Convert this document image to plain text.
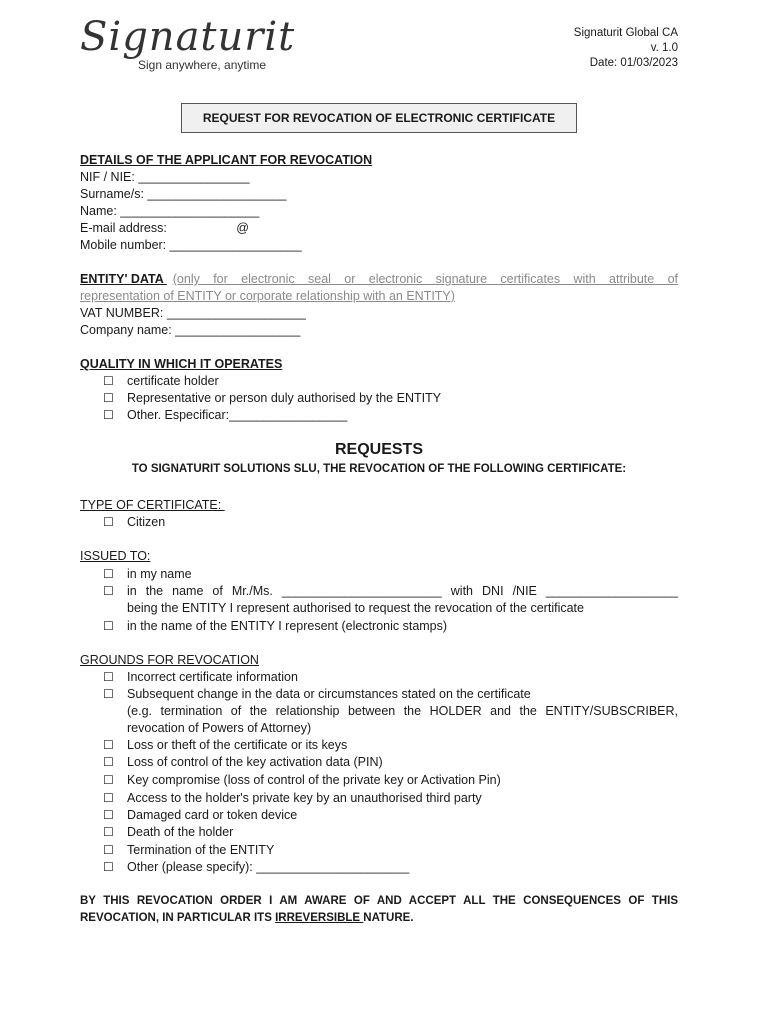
Signaturit
Sign anywhere, anytime
Signaturit Global CA
v. 1.0
Date: 01/03/2023
REQUEST FOR REVOCATION OF ELECTRONIC CERTIFICATE
DETAILS OF THE APPLICANT FOR REVOCATION
NIF / NIE: ________________
Surname/s: ____________________
Name: ____________________
E-mail address:                    @
Mobile number: ___________________
ENTITY' DATA (only for electronic seal or electronic signature certificates with attribute of
representation of ENTITY or corporate relationship with an ENTITY)
VAT NUMBER: ____________________
Company name: __________________
QUALITY IN WHICH IT OPERATES
☐ certificate holder
☐ Representative or person duly authorised by the ENTITY
☐ Other. Especificar:_________________
REQUESTS
TO SIGNATURIT SOLUTIONS SLU, THE REVOCATION OF THE FOLLOWING CERTIFICATE:
TYPE OF CERTIFICATE:
☐ Citizen
ISSUED TO:
☐ in my name
☐ in the name of Mr./Ms. _______________________ with DNI /NIE ___________________
being the ENTITY I represent authorised to request the revocation of the certificate
☐ in the name of the ENTITY I represent (electronic stamps)
GROUNDS FOR REVOCATION
☐ Incorrect certificate information
☐ Subsequent change in the data or circumstances stated on the certificate
(e.g. termination of the relationship between the HOLDER and the ENTITY/SUBSCRIBER,
revocation of Powers of Attorney)
☐ Loss or theft of the certificate or its keys
☐ Loss of control of the key activation data (PIN)
☐ Key compromise (loss of control of the private key or Activation Pin)
☐ Access to the holder's private key by an unauthorised third party
☐ Damaged card or token device
☐ Death of the holder
☐ Termination of the ENTITY
☐ Other (please specify): ______________________
BY THIS REVOCATION ORDER I AM AWARE OF AND ACCEPT ALL THE CONSEQUENCES OF THIS
REVOCATION, IN PARTICULAR ITS IRREVERSIBLE NATURE.
